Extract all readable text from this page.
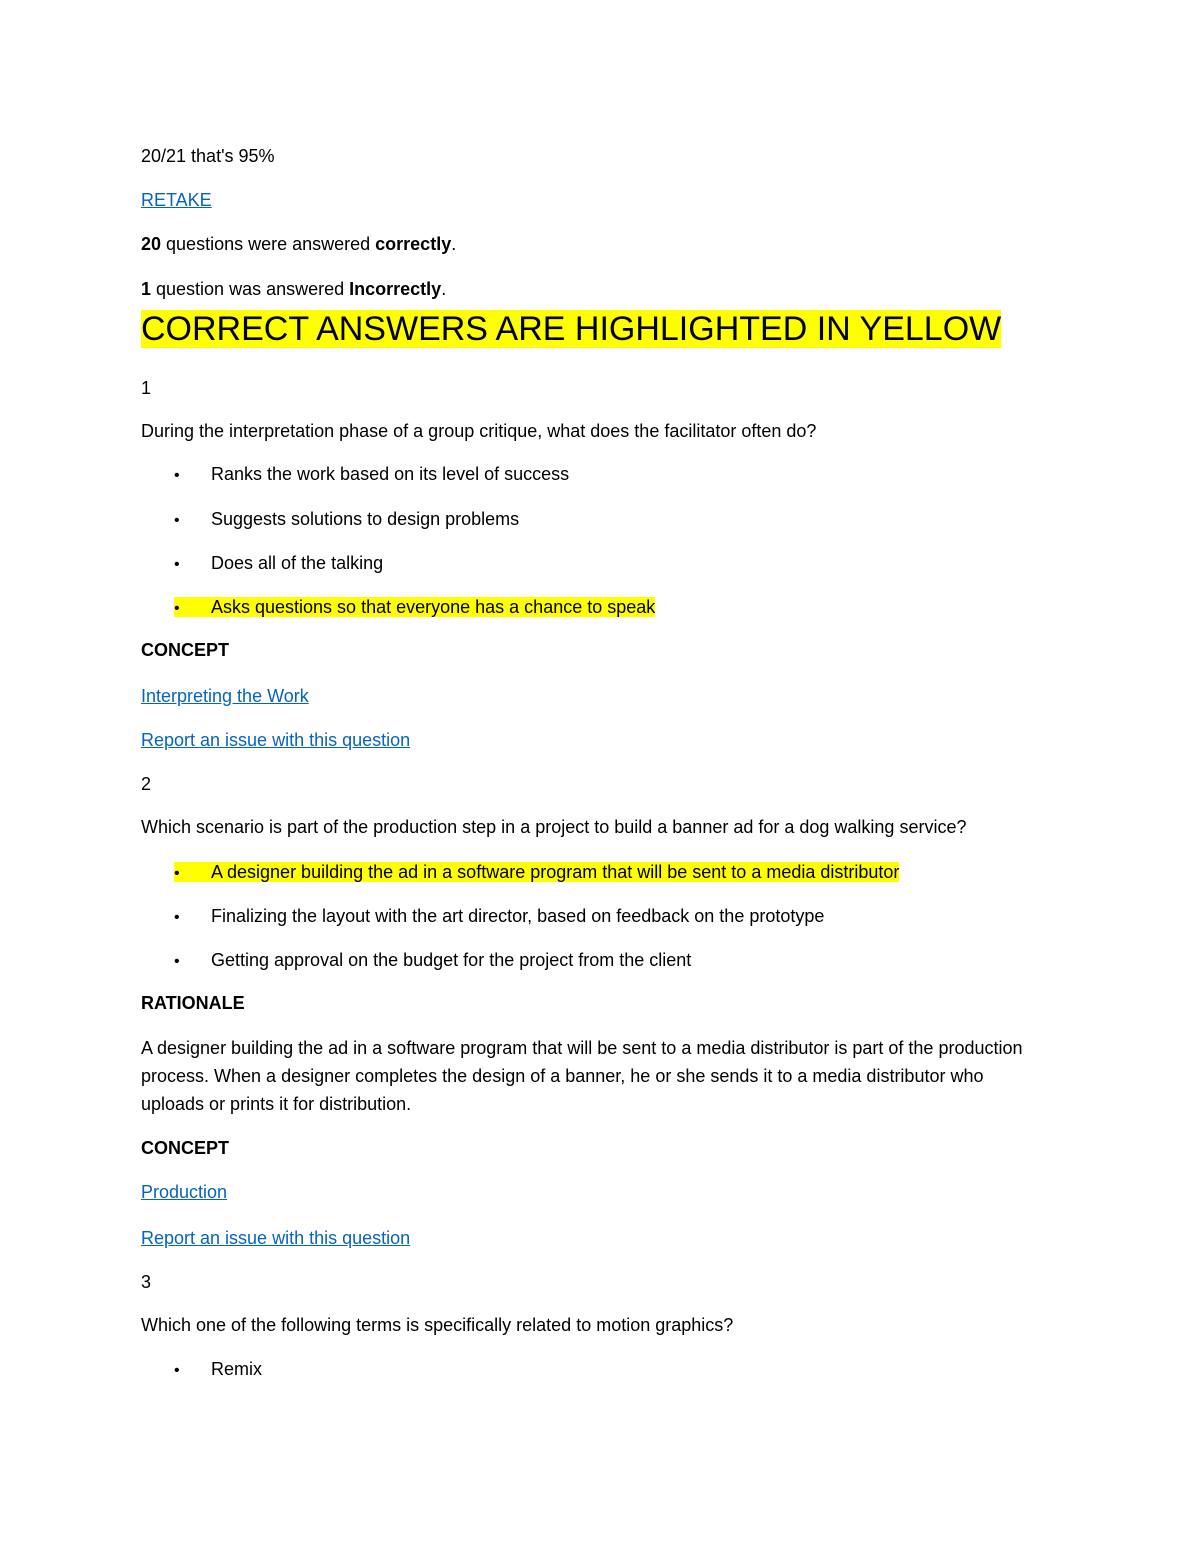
20/21 that's 95%
RETAKE
20 questions were answered correctly.
1 question was answered Incorrectly.
CORRECT ANSWERS ARE HIGHLIGHTED IN YELLOW
1
During the interpretation phase of a group critique, what does the facilitator often do?
• Ranks the work based on its level of success
• Suggests solutions to design problems
• Does all of the talking
• Asks questions so that everyone has a chance to speak
CONCEPT
Interpreting the Work
Report an issue with this question
2
Which scenario is part of the production step in a project to build a banner ad for a dog walking service?
• A designer building the ad in a software program that will be sent to a media distributor
• Finalizing the layout with the art director, based on feedback on the prototype
• Getting approval on the budget for the project from the client
RATIONALE
A designer building the ad in a software program that will be sent to a media distributor is part of the production process. When a designer completes the design of a banner, he or she sends it to a media distributor who uploads or prints it for distribution.
CONCEPT
Production
Report an issue with this question
3
Which one of the following terms is specifically related to motion graphics?
• Remix
